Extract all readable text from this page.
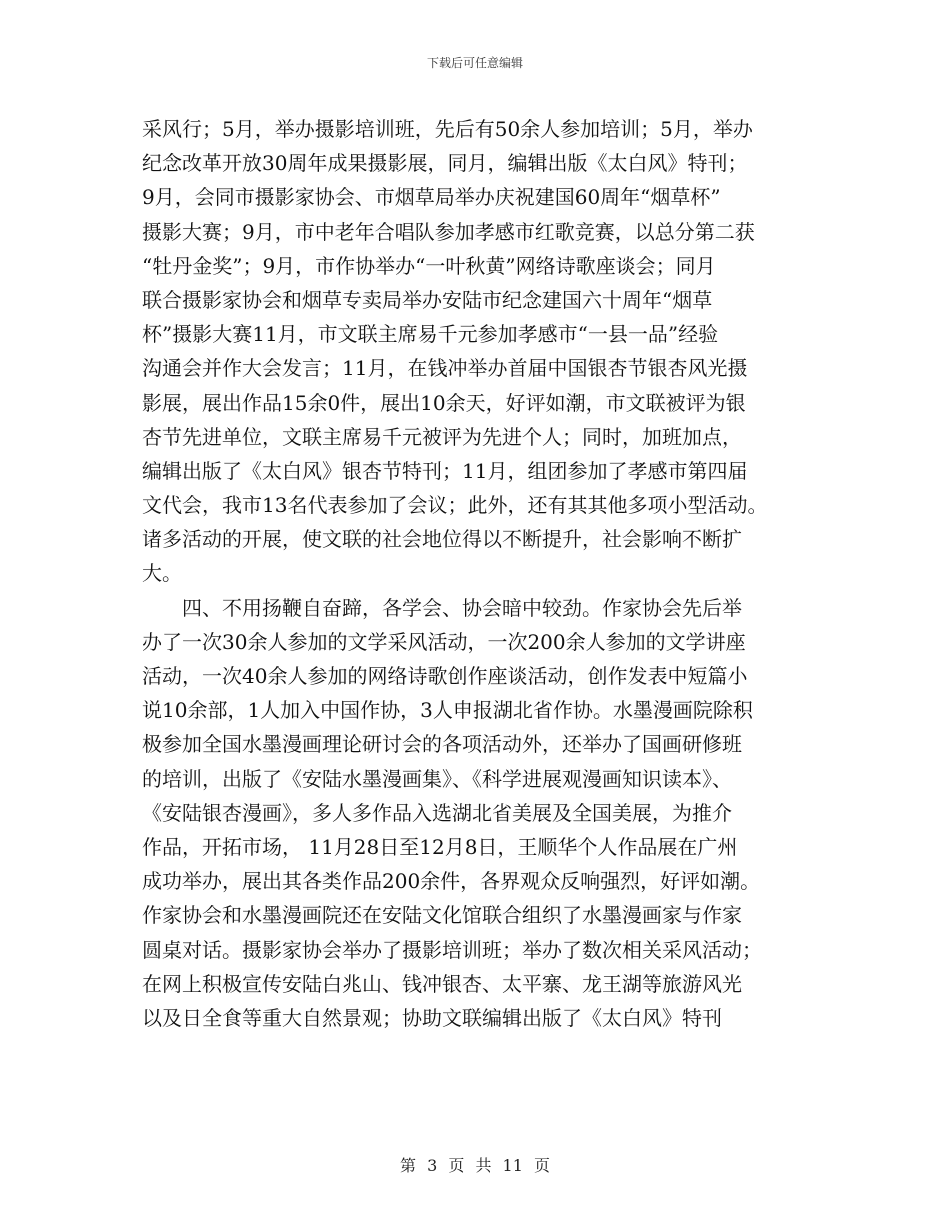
下载后可任意编辑
采风行；5月，举办摄影培训班，先后有50余人参加培训；5月，举办
纪念改革开放30周年成果摄影展，同月，编辑出版《太白风》特刊；
9月，会同市摄影家协会、市烟草局举办庆祝建国60周年“烟草杯”
摄影大赛；9月，市中老年合唱队参加孝感市红歌竞赛，以总分第二获
“牡丹金奖”；9月，市作协举办“一叶秋黄”网络诗歌座谈会；同月
联合摄影家协会和烟草专卖局举办安陆市纪念建国六十周年“烟草
杯”摄影大赛11月，市文联主席易千元参加孝感市“一县一品”经验
沟通会并作大会发言；11月，在钱冲举办首届中国银杏节银杏风光摄
影展，展出作品15余0件，展出10余天，好评如潮，市文联被评为银
杏节先进单位，文联主席易千元被评为先进个人；同时，加班加点，
编辑出版了《太白风》银杏节特刊；11月，组团参加了孝感市第四届
文代会，我市13名代表参加了会议；此外，还有其其他多项小型活动。
诸多活动的开展，使文联的社会地位得以不断提升，社会影响不断扩
大。
　　四、不用扬鞭自奋蹄，各学会、协会暗中较劲。作家协会先后举
办了一次30余人参加的文学采风活动，一次200余人参加的文学讲座
活动，一次40余人参加的网络诗歌创作座谈活动，创作发表中短篇小
说10余部，1人加入中国作协，3人申报湖北省作协。水墨漫画院除积
极参加全国水墨漫画理论研讨会的各项活动外，还举办了国画研修班
的培训，出版了《安陆水墨漫画集》、《科学进展观漫画知识读本》、
《安陆银杏漫画》，多人多作品入选湖北省美展及全国美展，为推介
作品，开拓市场， 11月28日至12月8日，王顺华个人作品展在广州
成功举办，展出其各类作品200余件，各界观众反响强烈，好评如潮。
作家协会和水墨漫画院还在安陆文化馆联合组织了水墨漫画家与作家
圆桌对话。摄影家协会举办了摄影培训班；举办了数次相关采风活动；
在网上积极宣传安陆白兆山、钱冲银杏、太平寨、龙王湖等旅游风光
以及日全食等重大自然景观；协助文联编辑出版了《太白风》特刊
第 3 页 共 11 页
